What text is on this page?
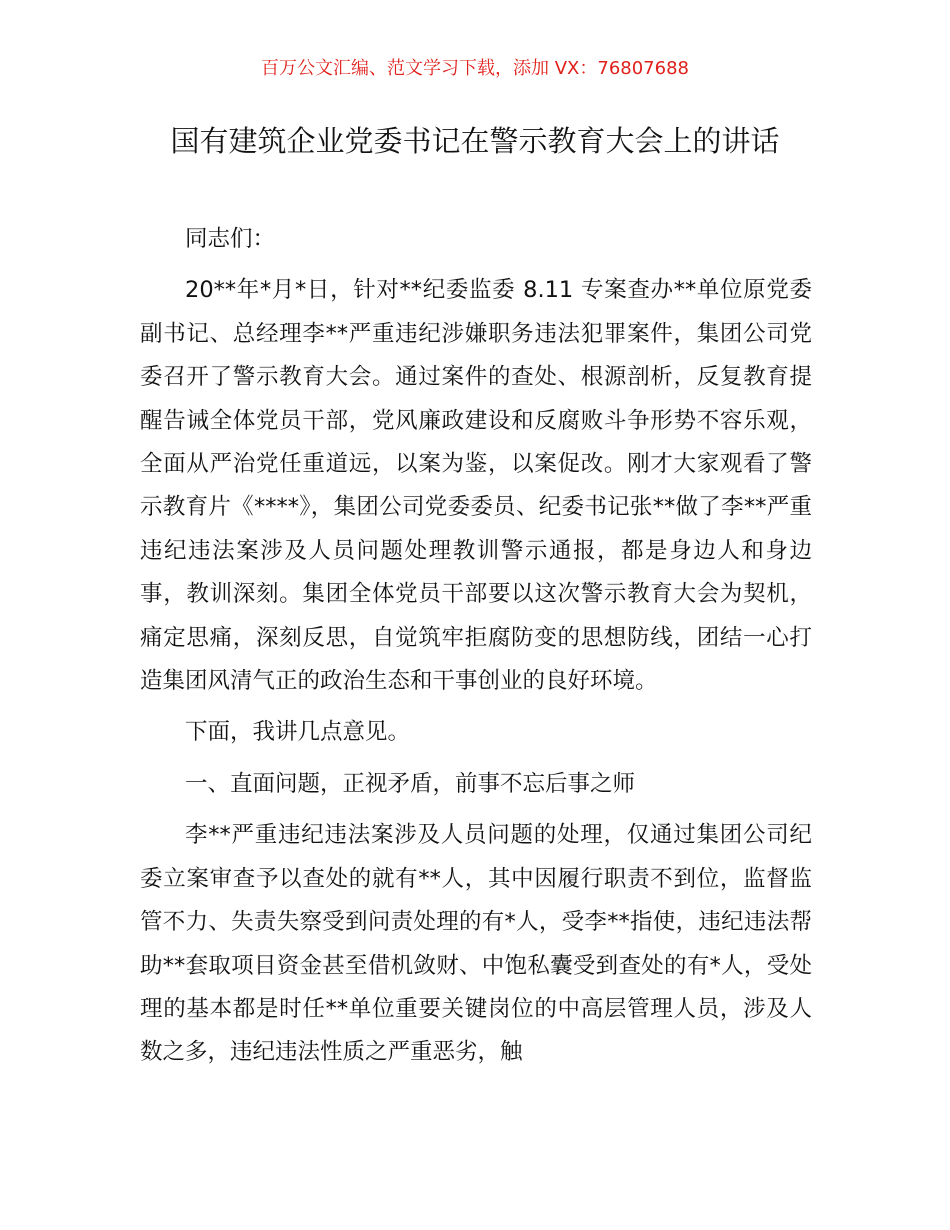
百万公文汇编、范文学习下载，添加 VX：76807688
国有建筑企业党委书记在警示教育大会上的讲话

同志们：

20**年*月*日，针对**纪委监委 8.11 专案查办**单位原党委副书记、总经理李**严重违纪涉嫌职务违法犯罪案件，集团公司党委召开了警示教育大会。通过案件的查处、根源剖析，反复教育提醒告诫全体党员干部，党风廉政建设和反腐败斗争形势不容乐观，全面从严治党任重道远，以案为鉴，以案促改。刚才大家观看了警示教育片《****》，集团公司党委委员、纪委书记张**做了李**严重违纪违法案涉及人员问题处理教训警示通报，都是身边人和身边事，教训深刻。集团全体党员干部要以这次警示教育大会为契机，痛定思痛，深刻反思，自觉筑牢拒腐防变的思想防线，团结一心打造集团风清气正的政治生态和干事创业的良好环境。

下面，我讲几点意见。

一、直面问题，正视矛盾，前事不忘后事之师

李**严重违纪违法案涉及人员问题的处理，仅通过集团公司纪委立案审查予以查处的就有**人，其中因履行职责不到位，监督监管不力、失责失察受到问责处理的有*人，受李**指使，违纪违法帮助**套取项目资金甚至借机敛财、中饱私囊受到查处的有*人，受处理的基本都是时任**单位重要关键岗位的中高层管理人员，涉及人数之多，违纪违法性质之严重恶劣，触
